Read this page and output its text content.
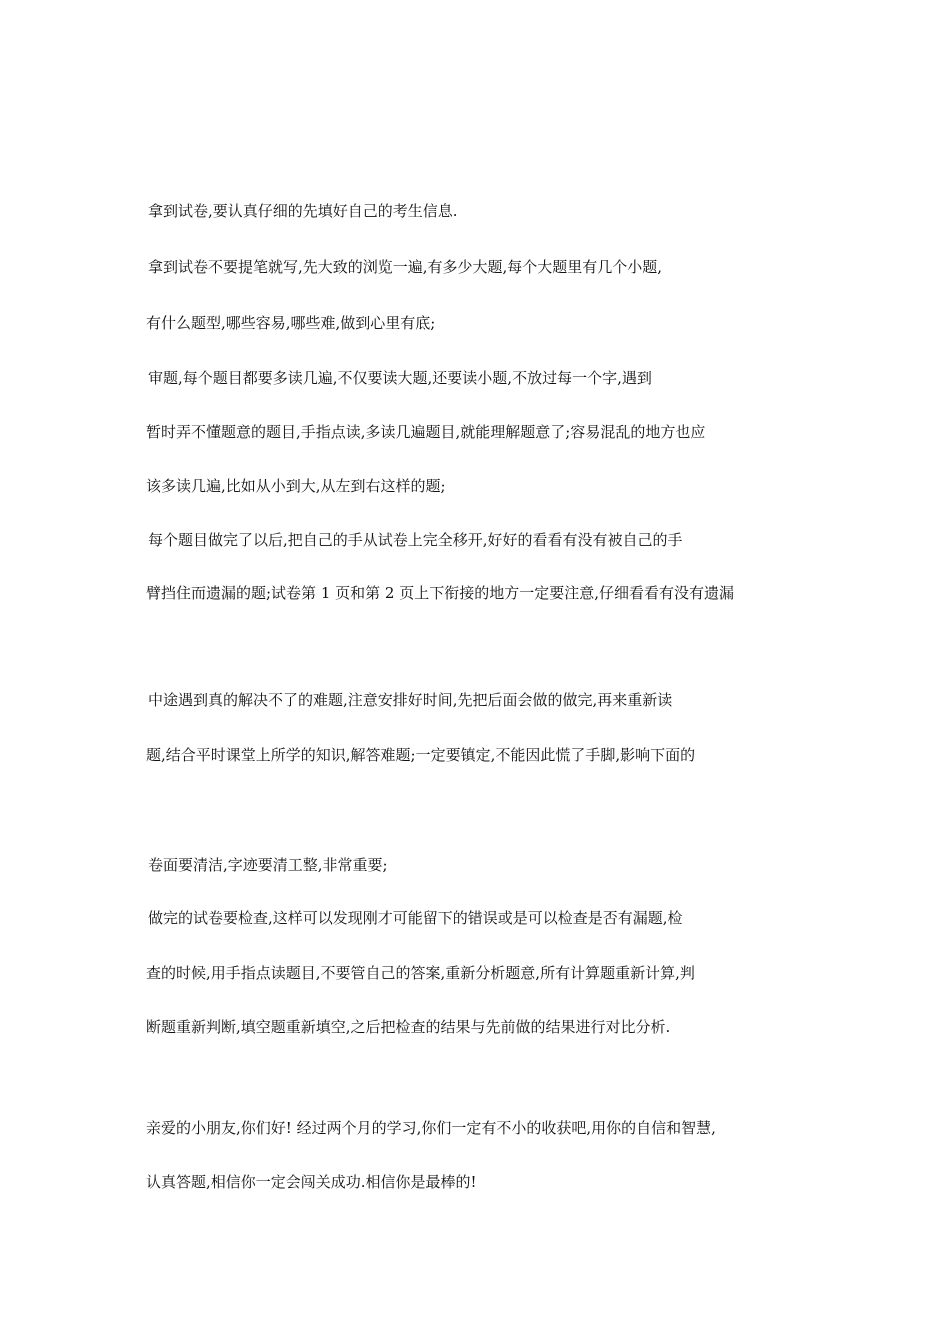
拿到试卷,要认真仔细的先填好自己的考生信息.

拿到试卷不要提笔就写,先大致的浏览一遍,有多少大题,每个大题里有几个小题,

有什么题型,哪些容易,哪些难,做到心里有底;

审题,每个题目都要多读几遍,不仅要读大题,还要读小题,不放过每一个字,遇到

暂时弄不懂题意的题目,手指点读,多读几遍题目,就能理解题意了;容易混乱的地方也应

该多读几遍,比如从小到大,从左到右这样的题;

每个题目做完了以后,把自己的手从试卷上完全移开,好好的看看有没有被自己的手

臂挡住而遗漏的题;试卷第 1 页和第 2 页上下衔接的地方一定要注意,仔细看看有没有遗漏

中途遇到真的解决不了的难题,注意安排好时间,先把后面会做的做完,再来重新读

题,结合平时课堂上所学的知识,解答难题;一定要镇定,不能因此慌了手脚,影响下面的

卷面要清洁,字迹要清工整,非常重要;

做完的试卷要检查,这样可以发现刚才可能留下的错误或是可以检查是否有漏题,检

查的时候,用手指点读题目,不要管自己的答案,重新分析题意,所有计算题重新计算,判

断题重新判断,填空题重新填空,之后把检查的结果与先前做的结果进行对比分析.

亲爱的小朋友,你们好! 经过两个月的学习,你们一定有不小的收获吧,用你的自信和智慧,

认真答题,相信你一定会闯关成功.相信你是最棒的!
